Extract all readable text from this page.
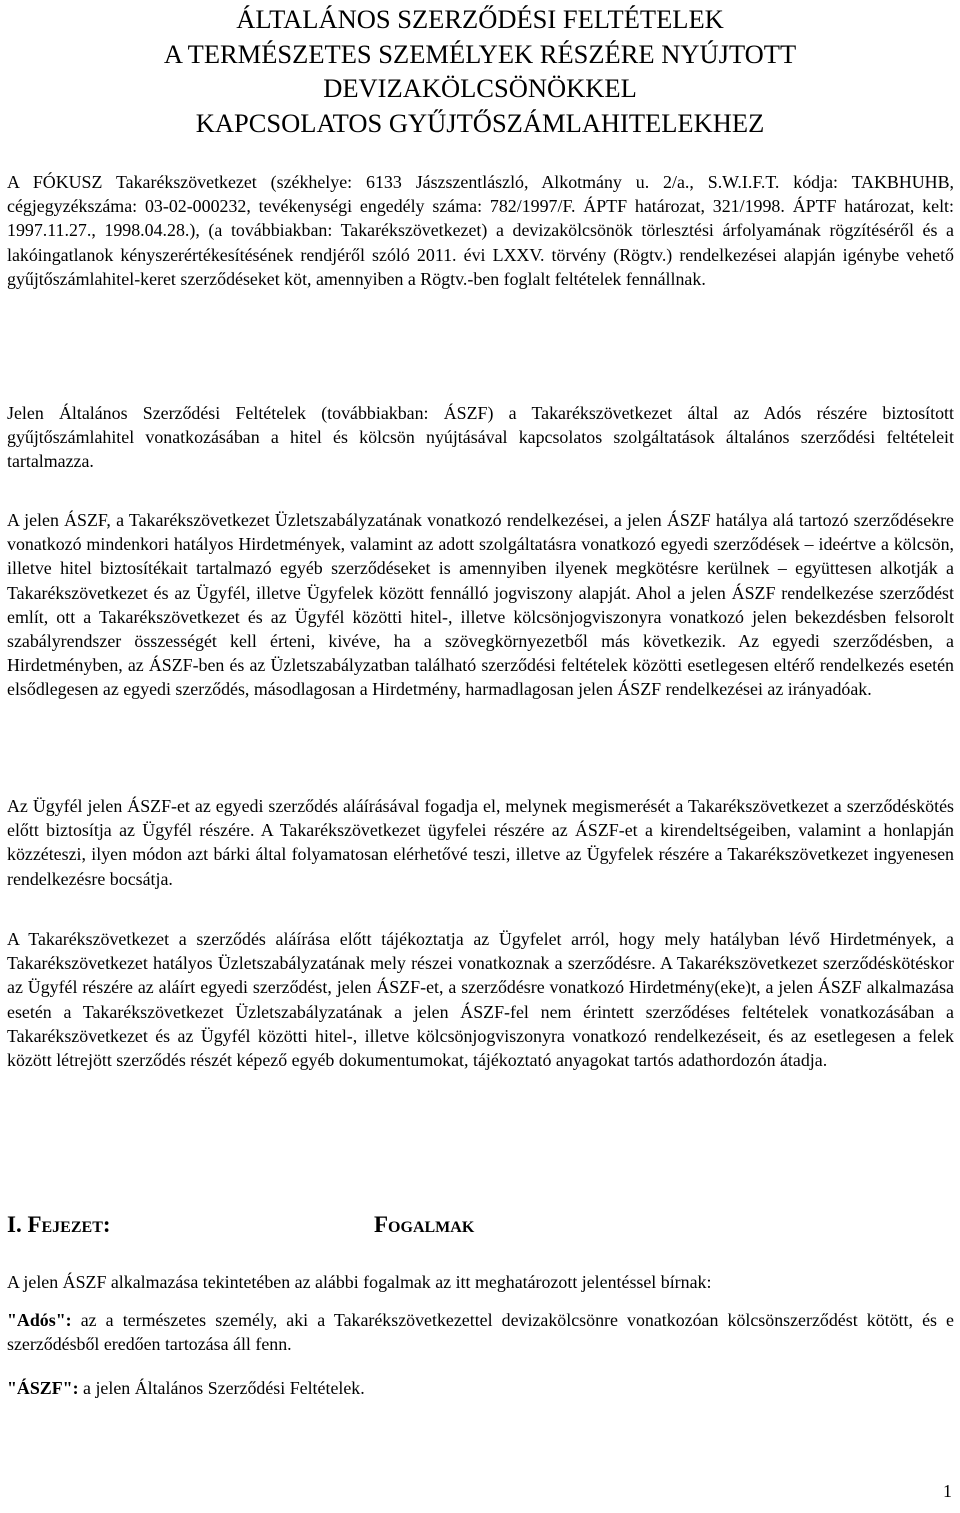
ÁLTALÁNOS SZERZŐDÉSI FELTÉTELEK
A TERMÉSZETES SZEMÉLYEK RÉSZÉRE NYÚJTOTT
DEVIZAKÖLCSÖNÖKKEL
KAPCSOLATOS GYŰJTŐSZÁMLAHITELEKHEZ

A FÓKUSZ Takarékszövetkezet (székhelye: 6133 Jászszentlászló, Alkotmány u. 2/a., S.W.I.F.T. kódja: TAKBHUHB, cégjegyzékszáma: 03-02-000232, tevékenységi engedély száma: 782/1997/F. ÁPTF határozat, 321/1998. ÁPTF határozat, kelt: 1997.11.27., 1998.04.28.), (a továbbiakban: Takarékszövetkezet) a devizakölcsönök törlesztési árfolyamának rögzítéséről és a lakóingatlanok kényszerértékesítésének rendjéről szóló 2011. évi LXXV. törvény (Rögtv.) rendelkezései alapján igénybe vehető gyűjtőszámlahitel-keret szerződéseket köt, amennyiben a Rögtv.-ben foglalt feltételek fennállnak.

Jelen Általános Szerződési Feltételek (továbbiakban: ÁSZF) a Takarékszövetkezet által az Adós részére biztosított gyűjtőszámlahitel vonatkozásában a hitel és kölcsön nyújtásával kapcsolatos szolgáltatások általános szerződési feltételeit tartalmazza.

A jelen ÁSZF, a Takarékszövetkezet Üzletszabályzatának vonatkozó rendelkezései, a jelen ÁSZF hatálya alá tartozó szerződésekre vonatkozó mindenkori hatályos Hirdetmények, valamint az adott szolgáltatásra vonatkozó egyedi szerződések – ideértve a kölcsön, illetve hitel biztosítékait tartalmazó egyéb szerződéseket is amennyiben ilyenek megkötésre kerülnek – együttesen alkotják a Takarékszövetkezet és az Ügyfél, illetve Ügyfelek között fennálló jogviszony alapját. Ahol a jelen ÁSZF rendelkezése szerződést említ, ott a Takarékszövetkezet és az Ügyfél közötti hitel-, illetve kölcsönjogviszonyra vonatkozó jelen bekezdésben felsorolt szabályrendszer összességét kell érteni, kivéve, ha a szövegkörnyezetből más következik. Az egyedi szerződésben, a Hirdetményben, az ÁSZF-ben és az Üzletszabályzatban található szerződési feltételek közötti esetlegesen eltérő rendelkezés esetén elsődlegesen az egyedi szerződés, másodlagosan a Hirdetmény, harmadlagosan jelen ÁSZF rendelkezései az irányadóak.

Az Ügyfél jelen ÁSZF-et az egyedi szerződés aláírásával fogadja el, melynek megismerését a Takarékszövetkezet a szerződéskötés előtt biztosítja az Ügyfél részére. A Takarékszövetkezet ügyfelei részére az ÁSZF-et a kirendeltségeiben, valamint a honlapján közzéteszi, ilyen módon azt bárki által folyamatosan elérhetővé teszi, illetve az Ügyfelek részére a Takarékszövetkezet ingyenesen rendelkezésre bocsátja.

A Takarékszövetkezet a szerződés aláírása előtt tájékoztatja az Ügyfelet arról, hogy mely hatályban lévő Hirdetmények, a Takarékszövetkezet hatályos Üzletszabályzatának mely részei vonatkoznak a szerződésre. A Takarékszövetkezet szerződéskötéskor az Ügyfél részére az aláírt egyedi szerződést, jelen ÁSZF-et, a szerződésre vonatkozó Hirdetmény(eke)t, a jelen ÁSZF alkalmazása esetén a Takarékszövetkezet Üzletszabályzatának a jelen ÁSZF-fel nem érintett szerződéses feltételek vonatkozásában a Takarékszövetkezet és az Ügyfél közötti hitel-, illetve kölcsönjogviszonyra vonatkozó rendelkezéseit, és az esetlegesen a felek között létrejött szerződés részét képező egyéb dokumentumokat, tájékoztató anyagokat tartós adathordozón átadja.

I. Fejezet:	Fogalmak

A jelen ÁSZF alkalmazása tekintetében az alábbi fogalmak az itt meghatározott jelentéssel bírnak:

"Adós": az a természetes személy, aki a Takarékszövetkezettel devizakölcsönre vonatkozóan kölcsönszerződést kötött, és e szerződésből eredően tartozása áll fenn.

"ÁSZF": a jelen Általános Szerződési Feltételek.

1
